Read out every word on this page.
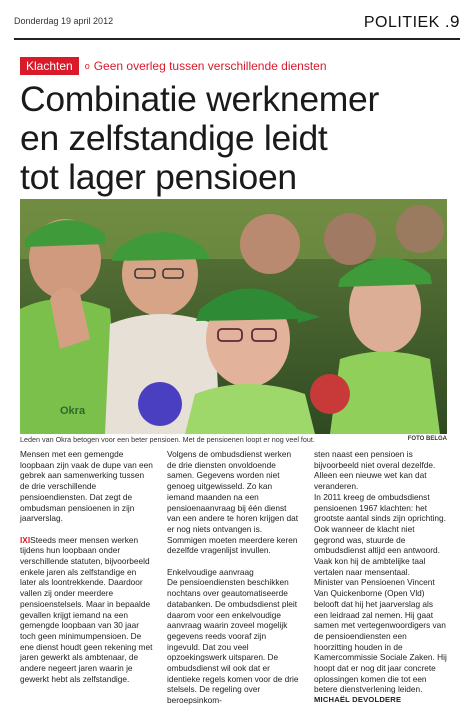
Donderdag 19 april 2012	POLITIEK .9
Klachten	o Geen overleg tussen verschillende diensten
Combinatie werknemer
en zelfstandige leidt
tot lager pensioen
Okra
Leden van Okra betogen voor een beter pensioen. Met de pensioenen loopt er nog veel fout.	FOTO BELGA

Mensen met een gemengde loopbaan zijn vaak de dupe van een gebrek aan samenwerking tussen de drie verschillende pensioendiensten. Dat zegt de ombudsman pensioenen in zijn jaarverslag.

IXISteeds meer mensen werken tijdens hun loopbaan onder verschillende statuten, bijvoorbeeld enkele jaren als zelfstandige en later als loontrekkende. Daardoor vallen zij onder meerdere pensioenstelsels. Maar in bepaalde gevallen krijgt iemand na een gemengde loopbaan van 30 jaar toch geen minimumpensioen. De ene dienst houdt geen rekening met jaren gewerkt als ambtenaar, de andere negeert jaren waarin je gewerkt hebt als zelfstandige.

Volgens de ombudsdienst werken de drie diensten onvoldoende samen. Gegevens worden niet genoeg uitgewisseld. Zo kan iemand maanden na een pensioenaanvraag bij één dienst van een andere te horen krijgen dat er nog niets ontvangen is. Sommigen moeten meerdere keren dezelfde vragenlijst invullen.

Enkelvoudige aanvraag

De pensioendiensten beschikken nochtans over geautomatiseerde databanken. De ombudsdienst pleit daarom voor een enkelvoudige aanvraag waarin zoveel mogelijk gegevens reeds vooraf zijn ingevuld. Dat zou veel opzoekingswerk uitsparen. De ombudsdienst wil ook dat er identieke regels komen voor de drie stelsels. De regeling over beroepsinkom-

sten naast een pensioen is bijvoorbeeld niet overal dezelfde. Alleen een nieuwe wet kan dat veranderen.

In 2011 kreeg de ombudsdienst pensioenen 1967 klachten: het grootste aantal sinds zijn oprichting. Ook wanneer de klacht niet gegrond was, stuurde de ombudsdienst altijd een antwoord. Vaak kon hij de ambtelijke taal vertalen naar mensentaal.

Minister van Pensioenen Vincent Van Quickenborne (Open Vld) belooft dat hij het jaarverslag als een leidraad zal nemen. Hij gaat samen met vertegenwoordigers van de pensioendiensten een hoorzitting houden in de Kamercommissie Sociale Zaken. Hij hoopt dat er nog dit jaar concrete oplossingen komen die tot een betere dienstverlening leiden.

MICHAËL DEVOLDERE
